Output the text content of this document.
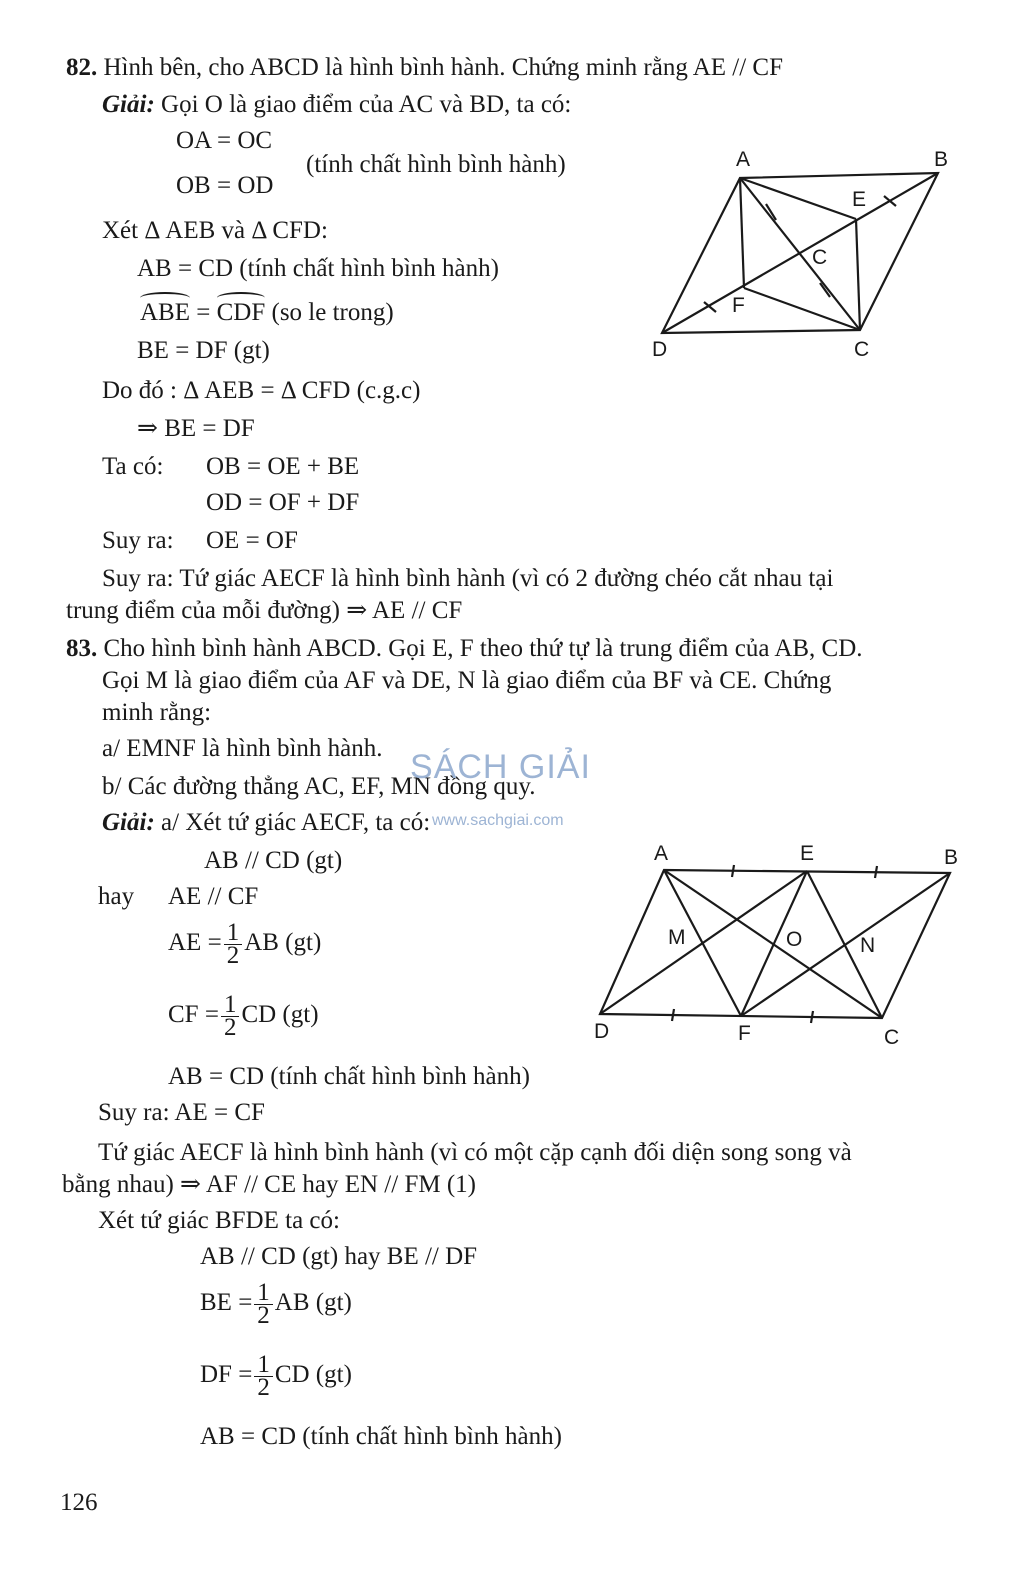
82. Hình bên, cho ABCD là hình bình hành. Chứng minh rằng AE // CF
Giải: Gọi O là giao điểm của AC và BD, ta có:
OA = OC
OB = OD
(tính chất hình bình hành)
Xét Δ AEB và Δ CFD:
AB = CD (tính chất hình bình hành)
ABE = CDF (so le trong)
BE = DF (gt)
Do đó : Δ AEB = Δ CFD (c.g.c)
⇒ BE = DF
Ta có: OB = OE + BE
OD = OF + DF
Suy ra: OE = OF
Suy ra: Tứ giác AECF là hình bình hành (vì có 2 đường chéo cắt nhau tại
trung điểm của mỗi đường) ⇒ AE // CF
A	B
E
C
F
D	C
83. Cho hình bình hành ABCD. Gọi E, F theo thứ tự là trung điểm của AB, CD.
Gọi M là giao điểm của AF và DE, N là giao điểm của BF và CE. Chứng
minh rằng:
a/ EMNF là hình bình hành.
b/ Các đường thẳng AC, EF, MN đồng quy.
Giải: a/ Xét tứ giác AECF, ta có:
AB // CD (gt)
hay AE // CF
AE = $\frac{1}{2}$ AB (gt)
CF = $\frac{1}{2}$ CD (gt)
AB = CD (tính chất hình bình hành)
Suy ra: AE = CF
Tứ giác AECF là hình bình hành (vì có một cặp cạnh đối diện song song và
bằng nhau) ⇒ AF // CE hay EN // FM (1)
Xét tứ giác BFDE ta có:
AB // CD (gt) hay BE // DF
BE = $\frac{1}{2}$ AB (gt)
DF = $\frac{1}{2}$ CD (gt)
AB = CD (tính chất hình bình hành)
A	E	B
M	O	N
D	F	C
SÁCH GIẢI
www.sachgiai.com
126
